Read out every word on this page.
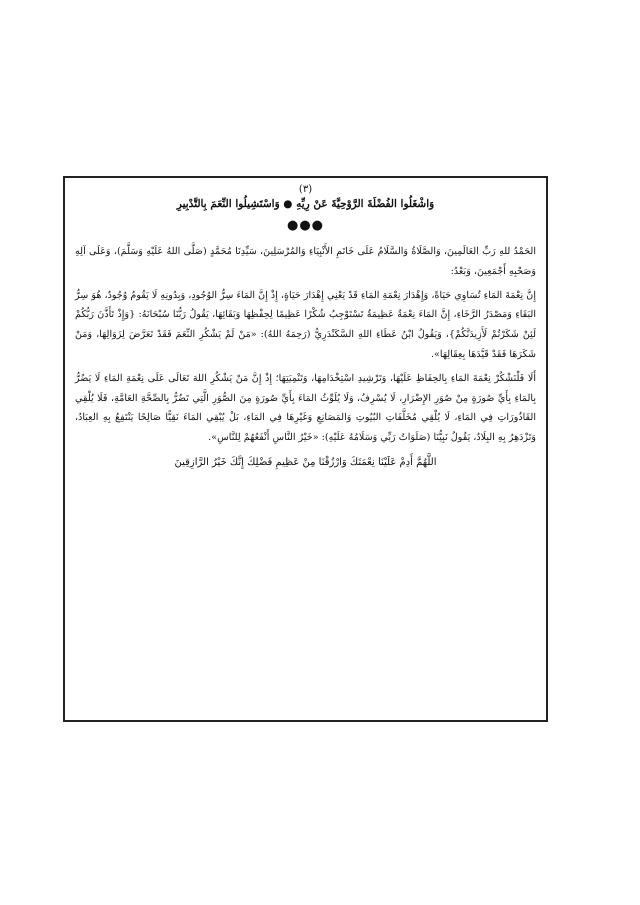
(٣)
وَاشْغَلُوا الفُضْلَةَ الرَّوْحِيَّةَ عَنْ رِيِّهِ ● وَاسْتَشِيلُوا النِّعَمَ بِالتَّدْبِيرِ
●●●

الحَمْدُ للهِ رَبِّ العَالَمِينَ، وَالصَّلَاةُ وَالسَّلَامُ عَلَى خَاتَمِ الأَنْبِيَاءِ وَالمُرْسَلِينَ، سَيِّدِنَا مُحَمَّدٍ (صَلَّى اللهُ عَلَيْهِ وَسَلَّمَ)، وَعَلَى آلِهِ وَصَحْبِهِ أَجْمَعِينَ، وَبَعْدُ:

إِنَّ نِعْمَةَ المَاءِ تُسَاوِي حَيَاةً، وَإِهْدَارَ نِعْمَةِ المَاءِ قَدْ يَعْنِي إِهْدَارَ حَيَاةٍ، إِذْ إِنَّ المَاءَ سِرُّ الوُجُودِ، وَبِدُونِهِ لَا يَقُومُ وُجُودٌ، هُوَ سِرُّ البَقَاءِ وَمَصْدَرُ الرَّخَاءِ، إِنَّ المَاءَ نِعْمَةٌ عَظِيمَةٌ تَسْتَوْجِبُ شُكْرًا عَظِيمًا لِحِفْظِهَا وَبَقَائِهَا، يَقُولُ رَبُّنَا سُبْحَانَهُ: {وَإِذْ تَأَذَّنَ رَبُّكُمْ لَئِنْ شَكَرْتُمْ لَأَزِيدَنَّكُمْ}، وَيَقُولُ ابْنُ عَطَاءِ اللهِ السَّكَنْدَرِيُّ (رَحِمَهُ اللهُ): «مَنْ لَمْ يَشْكُرِ النِّعَمَ فَقَدْ تَعَرَّضَ لِزَوَالِهَا، وَمَنْ شَكَرَهَا فَقَدْ قَيَّدَهَا بِعِقَالِهَا».

أَلَا فَلْنَشْكُرْ نِعْمَةَ المَاءِ بِالحِفَاظِ عَلَيْهَا، وَتَرْشِيدِ اسْتِخْدَامِهَا، وَتَنْمِيَتِهَا؛ إِذْ إِنَّ مَنْ يَشْكُرِ اللهَ تَعَالَى عَلَى نِعْمَةِ المَاءِ لَا يَضُرُّ بِالمَاءِ بِأَيِّ صُورَةٍ مِنْ صُوَرِ الإِضْرَارِ، لَا يُسْرِفُ، وَلَا يُلَوِّثُ المَاءَ بِأَيِّ صُورَةٍ مِنَ الصُّوَرِ الَّتِي تَضُرُّ بِالصِّحَّةِ العَامَّةِ، فَلَا يُلْقِي القَاذُورَاتِ فِي المَاءِ، لَا يُلْقِي مُخَلَّفَاتِ البُيُوتِ وَالمَصَانِعِ وَغَيْرِهَا فِي المَاءِ، بَلْ يُبْقِي المَاءَ نَقِيًّا صَالِحًا يَنْتَفِعُ بِهِ العِبَادُ، وَتَزْدَهِرُ بِهِ البِلَادُ، يَقُولُ نَبِيُّنَا (صَلَوَاتُ رَبِّي وَسَلَامُهُ عَلَيْهِ): «خَيْرُ النَّاسِ أَنْفَعُهُمْ لِلنَّاسِ».

اللَّهُمَّ أَدِمْ عَلَيْنَا نِعْمَتَكَ وَارْزُقْنَا مِنْ عَظِيمِ فَضْلِكَ إِنَّكَ خَيْرُ الرَّازِقِينَ
